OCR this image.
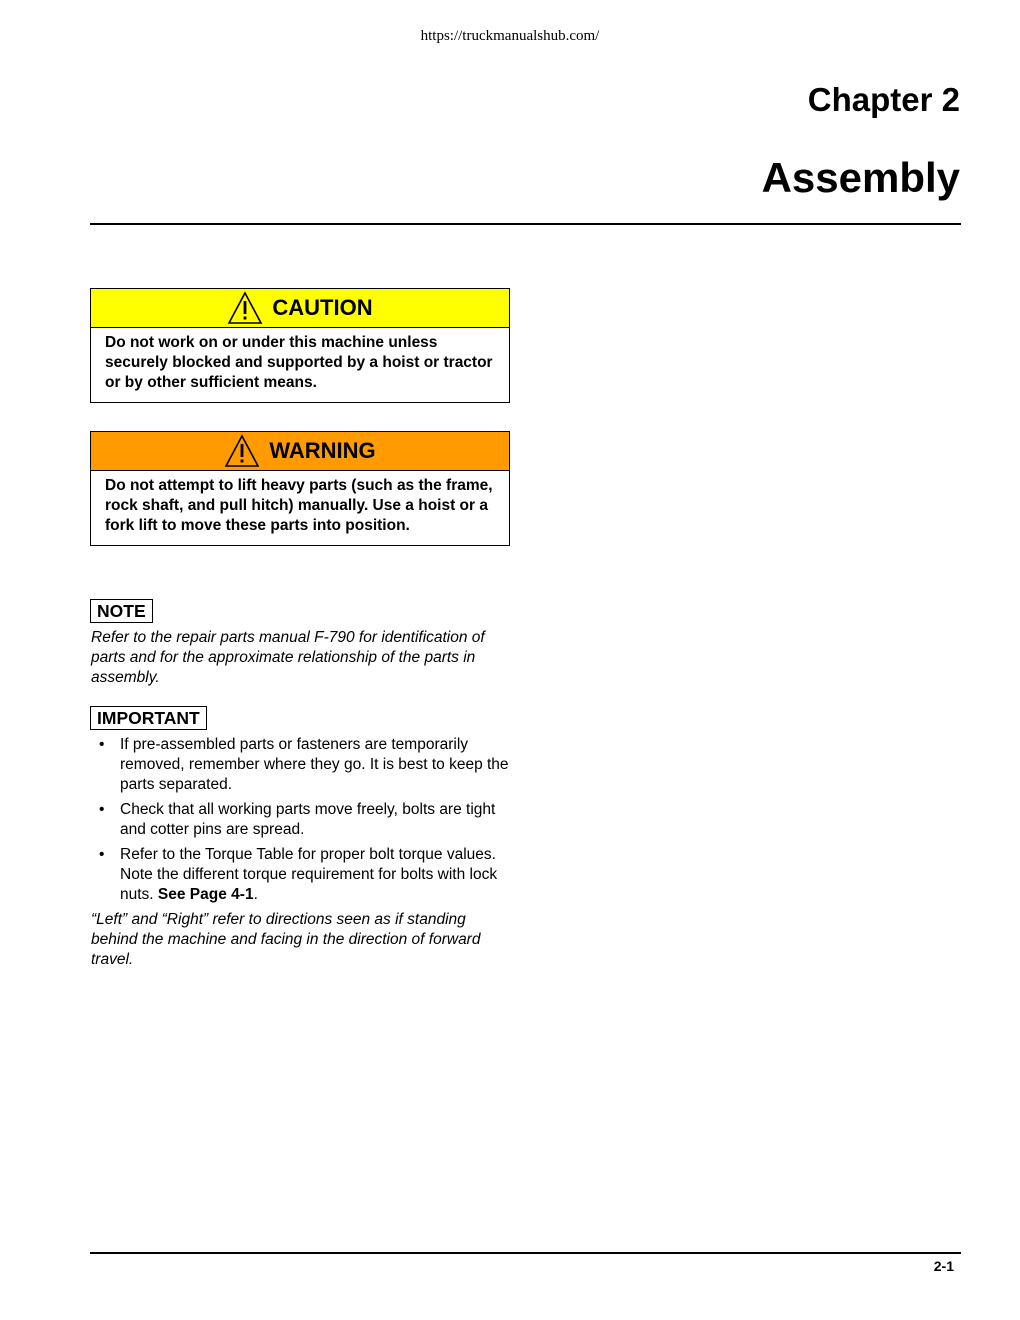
https://truckmanualshub.com/
Chapter 2
Assembly
CAUTION
Do not work on or under this machine unless securely blocked and supported by a hoist or tractor or by other sufficient means.
WARNING
Do not attempt to lift heavy parts (such as the frame, rock shaft, and pull hitch) manually. Use a hoist or a fork lift to move these parts into position.
NOTE
Refer to the repair parts manual F-790 for identification of parts and for the approximate relationship of the parts in assembly.
IMPORTANT
• If pre-assembled parts or fasteners are temporarily removed, remember where they go. It is best to keep the parts separated.
• Check that all working parts move freely, bolts are tight and cotter pins are spread.
• Refer to the Torque Table for proper bolt torque values. Note the different torque requirement for bolts with lock nuts. See Page 4-1.
“Left” and “Right” refer to directions seen as if standing behind the machine and facing in the direction of forward travel.
2-1
